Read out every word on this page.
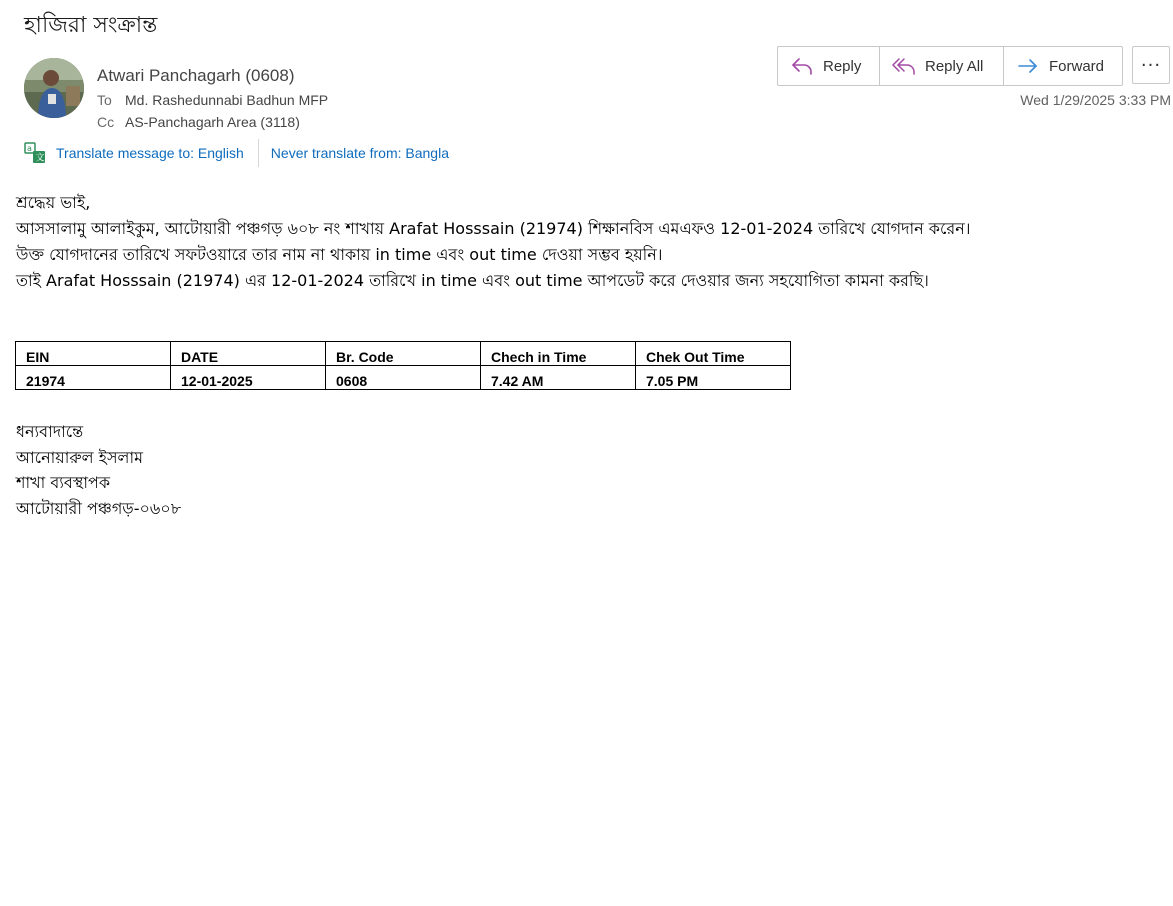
হাজিরা সংক্রান্ত
Atwari Panchagarh (0608)
To Md. Rashedunnabi Badhun MFP
Cc AS-Panchagarh Area (3118)
Reply	Reply All	Forward ···
Wed 1/29/2025 3:33 PM
a
文 Translate message to: English Never translate from: Bangla

শ্রদ্ধেয় ভাই,

আসসালামু আলাইকুম, আটোয়ারী পঞ্চগড় ৬০৮ নং শাখায় Arafat Hosssain (21974) শিক্ষানবিস এমএফও 12-01-2024 তারিখে যোগদান করেন।

উক্ত যোগদানের তারিখে সফটওয়ারে তার নাম না থাকায় in time এবং out time দেওয়া সম্ভব হয়নি।

তাই Arafat Hosssain (21974) এর 12-01-2024 তারিখে in time এবং out time আপডেট করে দেওয়ার জন্য সহযোগিতা কামনা করছি।

EIN	DATE	Br. Code	Chech in Time	Chek Out Time
21974	12-01-2025	0608	7.42 AM	7.05 PM

ধন্যবাদান্তে

আনোয়ারুল ইসলাম

শাখা ব্যবস্থাপক

আটোয়ারী পঞ্চগড়-০৬০৮
